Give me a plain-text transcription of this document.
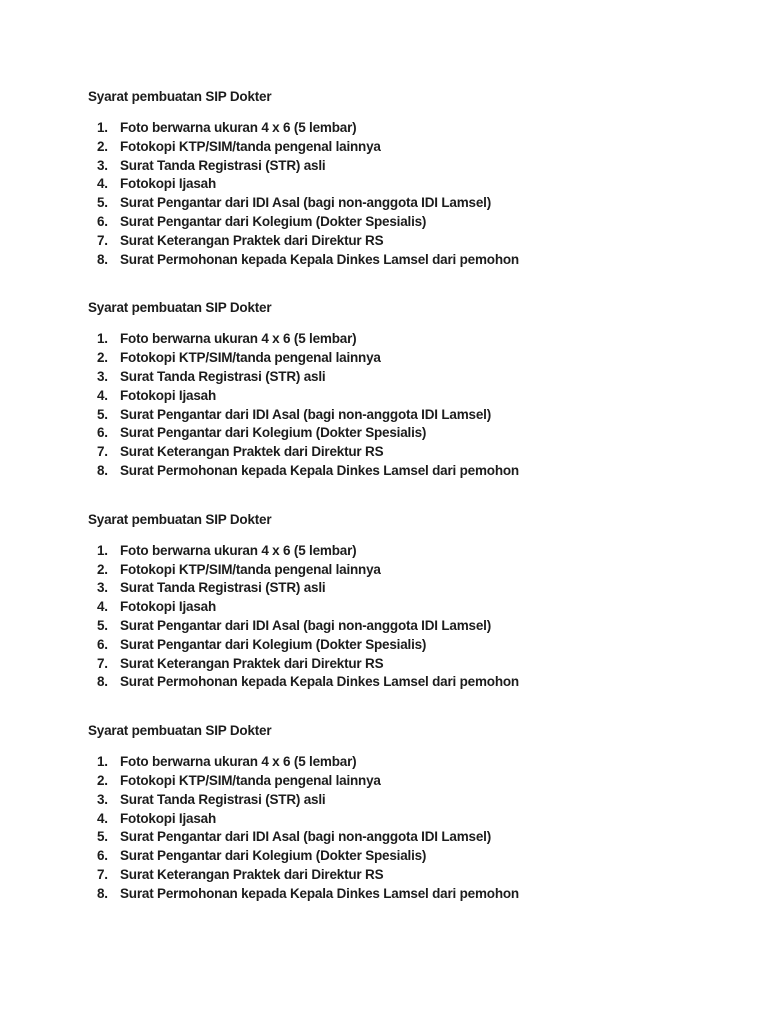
Syarat pembuatan SIP Dokter
1. Foto berwarna ukuran 4 x 6 (5 lembar)
2. Fotokopi KTP/SIM/tanda pengenal lainnya
3. Surat Tanda Registrasi (STR) asli
4. Fotokopi Ijasah
5. Surat Pengantar dari IDI Asal (bagi non-anggota IDI Lamsel)
6. Surat Pengantar dari Kolegium (Dokter Spesialis)
7. Surat Keterangan Praktek dari Direktur RS
8. Surat Permohonan kepada Kepala Dinkes Lamsel dari pemohon
Syarat pembuatan SIP Dokter
1. Foto berwarna ukuran 4 x 6 (5 lembar)
2. Fotokopi KTP/SIM/tanda pengenal lainnya
3. Surat Tanda Registrasi (STR) asli
4. Fotokopi Ijasah
5. Surat Pengantar dari IDI Asal (bagi non-anggota IDI Lamsel)
6. Surat Pengantar dari Kolegium (Dokter Spesialis)
7. Surat Keterangan Praktek dari Direktur RS
8. Surat Permohonan kepada Kepala Dinkes Lamsel dari pemohon
Syarat pembuatan SIP Dokter
1. Foto berwarna ukuran 4 x 6 (5 lembar)
2. Fotokopi KTP/SIM/tanda pengenal lainnya
3. Surat Tanda Registrasi (STR) asli
4. Fotokopi Ijasah
5. Surat Pengantar dari IDI Asal (bagi non-anggota IDI Lamsel)
6. Surat Pengantar dari Kolegium (Dokter Spesialis)
7. Surat Keterangan Praktek dari Direktur RS
8. Surat Permohonan kepada Kepala Dinkes Lamsel dari pemohon
Syarat pembuatan SIP Dokter
1. Foto berwarna ukuran 4 x 6 (5 lembar)
2. Fotokopi KTP/SIM/tanda pengenal lainnya
3. Surat Tanda Registrasi (STR) asli
4. Fotokopi Ijasah
5. Surat Pengantar dari IDI Asal (bagi non-anggota IDI Lamsel)
6. Surat Pengantar dari Kolegium (Dokter Spesialis)
7. Surat Keterangan Praktek dari Direktur RS
8. Surat Permohonan kepada Kepala Dinkes Lamsel dari pemohon
